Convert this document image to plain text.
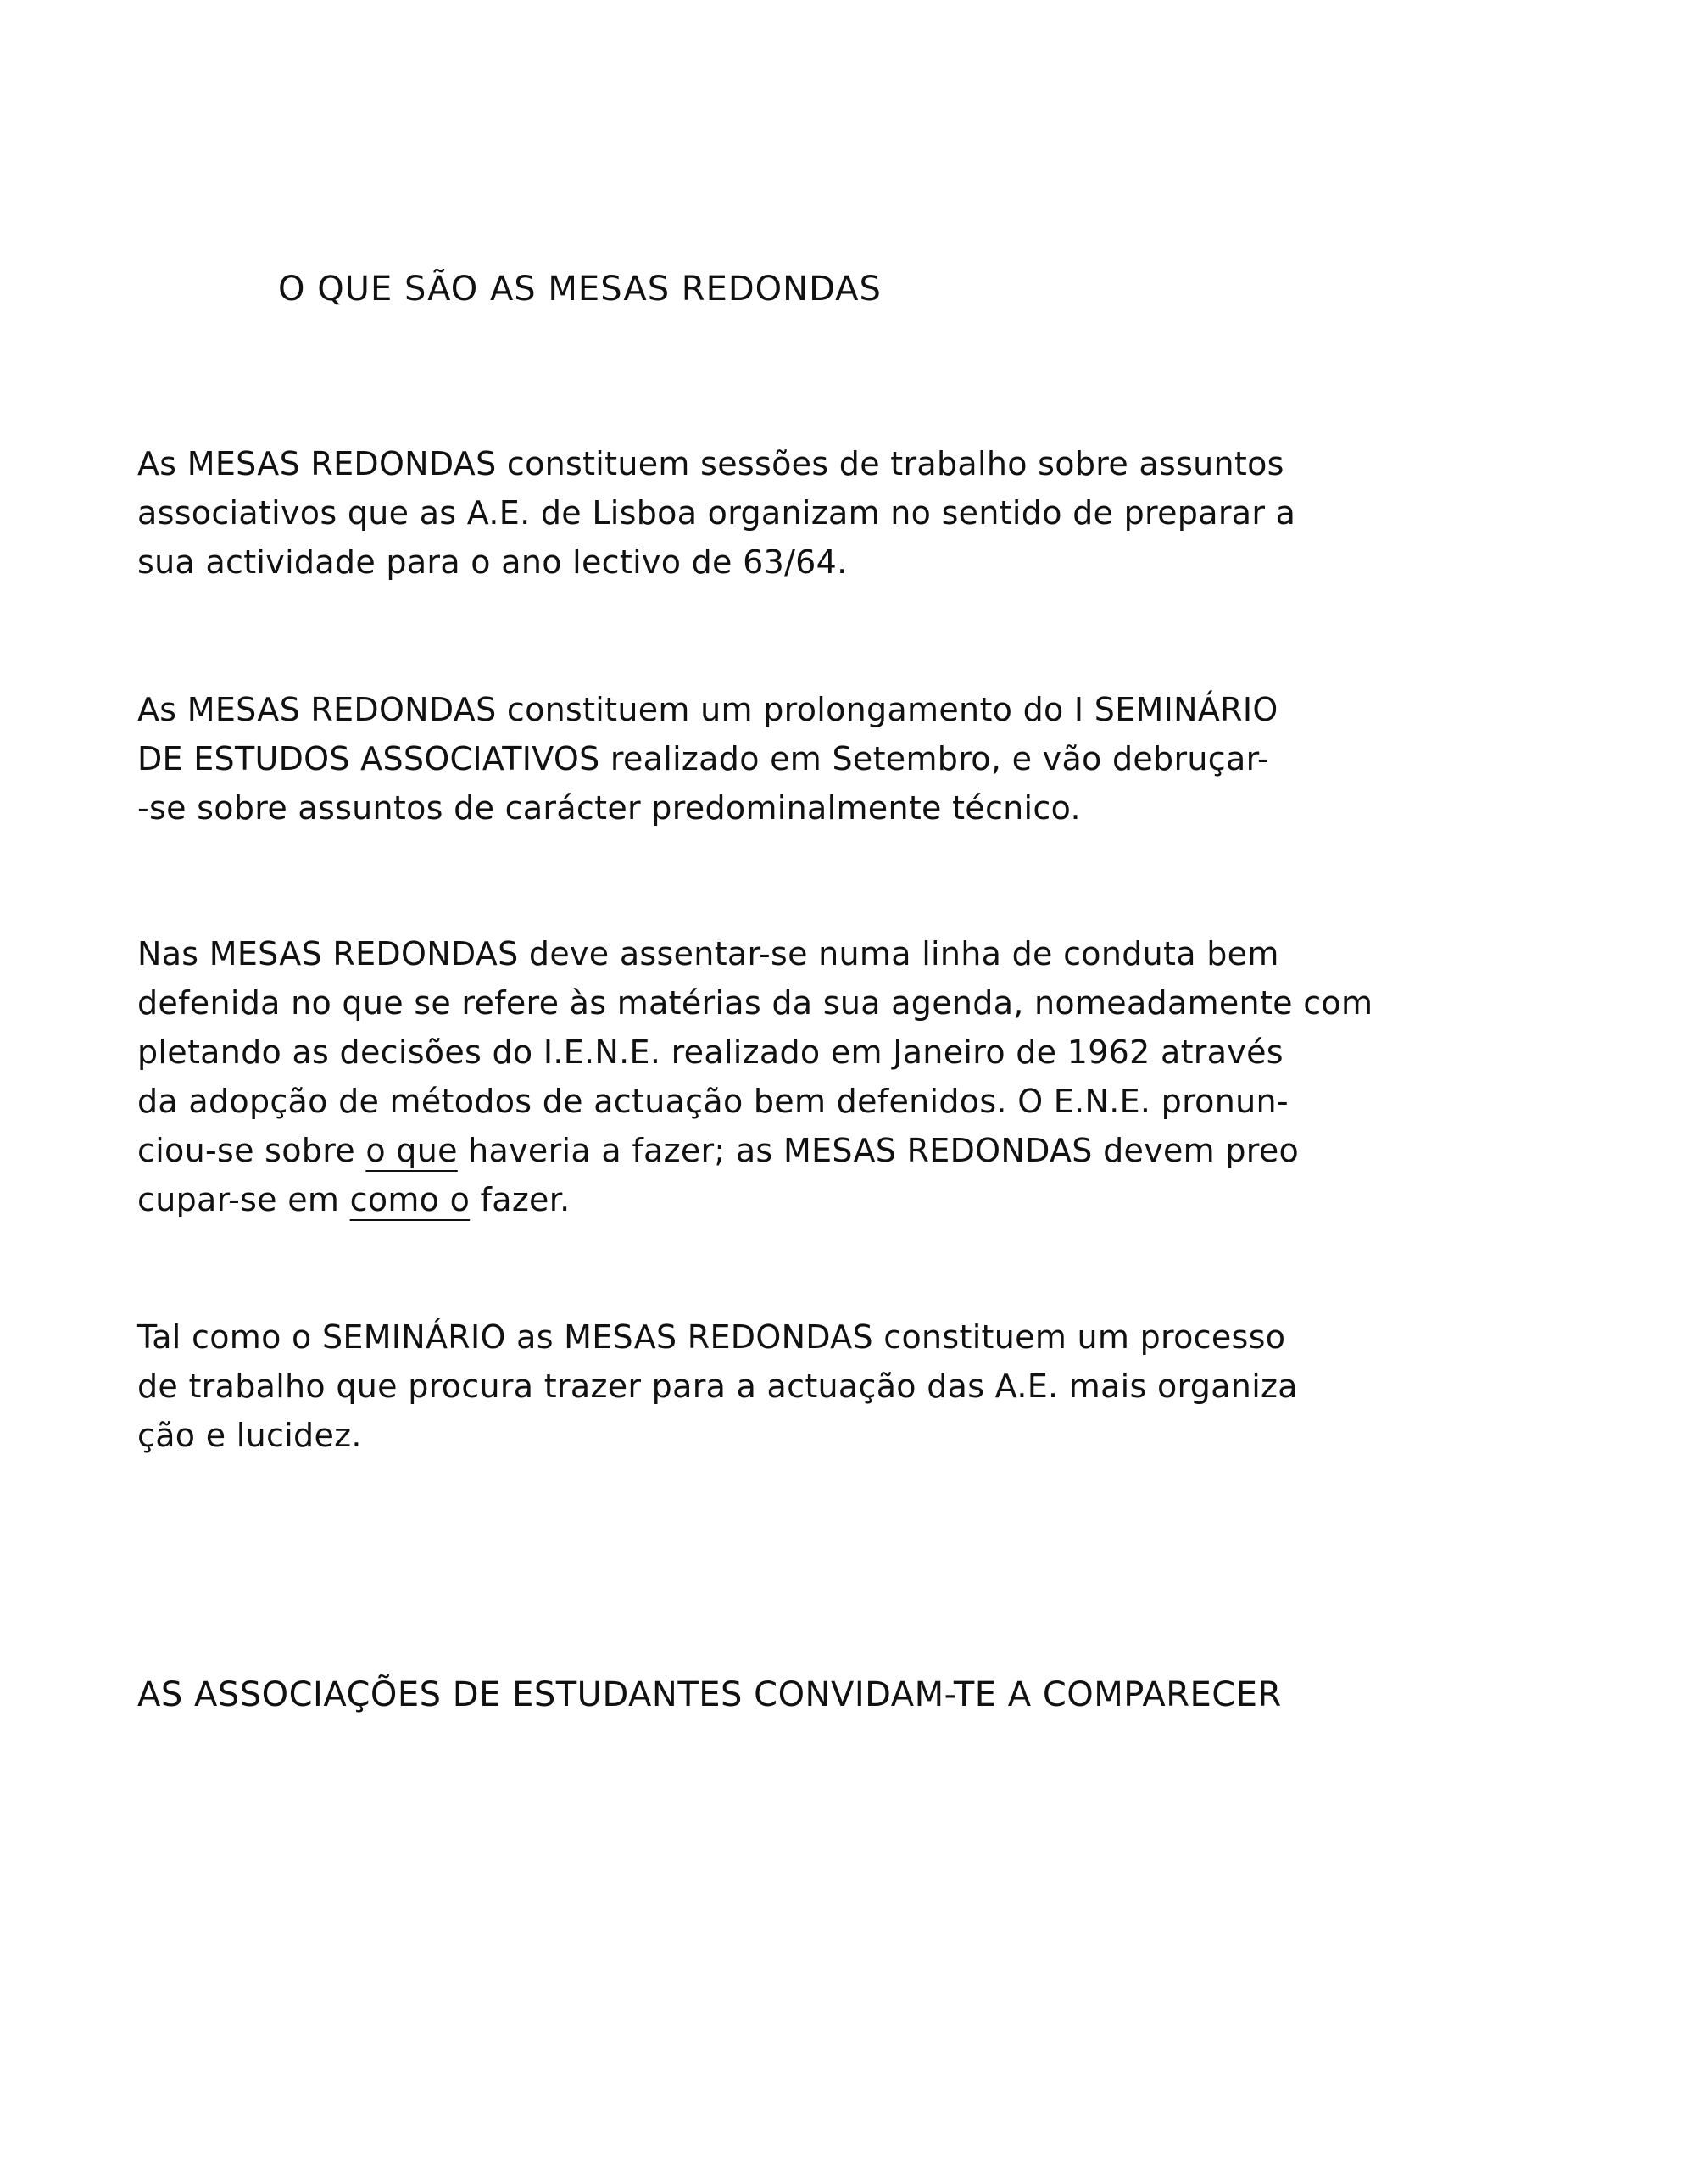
O QUE SÃO AS MESAS REDONDAS
As MESAS REDONDAS constituem sessões de trabalho sobre assuntos
associativos que as A.E. de Lisboa organizam no sentido de preparar a
sua actividade para o ano lectivo de 63/64.
As MESAS REDONDAS constituem um prolongamento do I SEMINÁRIO
DE ESTUDOS ASSOCIATIVOS realizado em Setembro, e vão debruçar-
-se sobre assuntos de carácter predominalmente técnico.
Nas MESAS REDONDAS deve assentar-se numa linha de conduta bem
defenida no que se refere às matérias da sua agenda, nomeadamente com
pletando as decisões do I.E.N.E. realizado em Janeiro de 1962 através
da adopção de métodos de actuação bem defenidos. O E.N.E. pronun-
ciou-se sobre o que haveria a fazer; as MESAS REDONDAS devem preo
cupar-se em como o fazer.
Tal como o SEMINÁRIO as MESAS REDONDAS constituem um processo
de trabalho que procura trazer para a actuação das A.E. mais organiza
ção e lucidez.

AS ASSOCIAÇÕES DE ESTUDANTES CONVIDAM-TE A COMPARECER
